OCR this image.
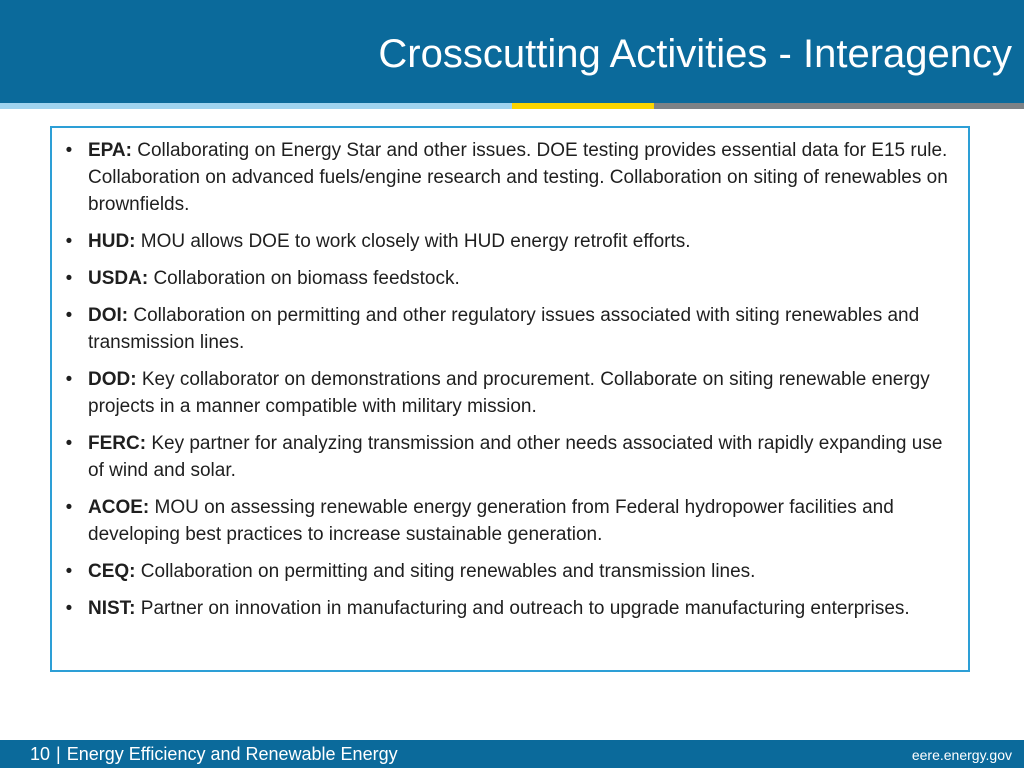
Crosscutting Activities - Interagency
• EPA: Collaborating on Energy Star and other issues. DOE testing provides essential data for E15 rule. Collaboration on advanced fuels/engine research and testing. Collaboration on siting of renewables on brownfields.
• HUD: MOU allows DOE to work closely with HUD energy retrofit efforts.
• USDA: Collaboration on biomass feedstock.
• DOI: Collaboration on permitting and other regulatory issues associated with siting renewables and transmission lines.
• DOD: Key collaborator on demonstrations and procurement. Collaborate on siting renewable energy projects in a manner compatible with military mission.
• FERC: Key partner for analyzing transmission and other needs associated with rapidly expanding use of wind and solar.
• ACOE: MOU on assessing renewable energy generation from Federal hydropower facilities and developing best practices to increase sustainable generation.
• CEQ: Collaboration on permitting and siting renewables and transmission lines.
• NIST: Partner on innovation in manufacturing and outreach to upgrade manufacturing enterprises.
10 | Energy Efficiency and Renewable Energy	eere.energy.gov
